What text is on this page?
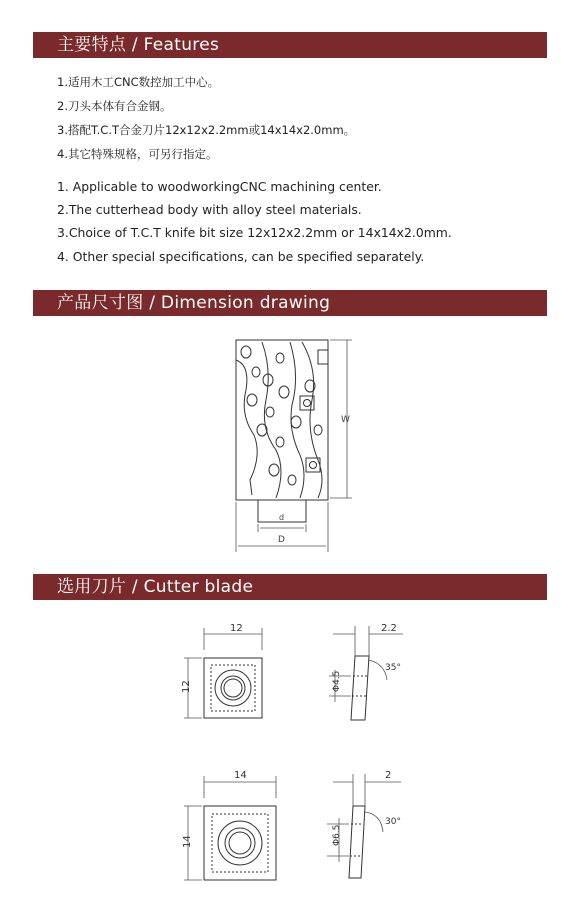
主要特点 / Features
1.适用木工CNC数控加工中心。
2.刀头本体有合金钢。
3.搭配T.C.T合金刀片12x12x2.2mm或14x14x2.0mm。
4.其它特殊规格，可另行指定。
1. Applicable to woodworkingCNC machining center.
2.The cutterhead body with alloy steel materials.
3.Choice of T.C.T knife bit size 12x12x2.2mm or 14x14x2.0mm.
4. Other special specifications, can be specified separately.
产品尺寸图 / Dimension drawing
W
d
D
选用刀片 / Cutter blade
12
12
2.2
Φ4.5
35°
14
14
2
Φ6.5
30°
